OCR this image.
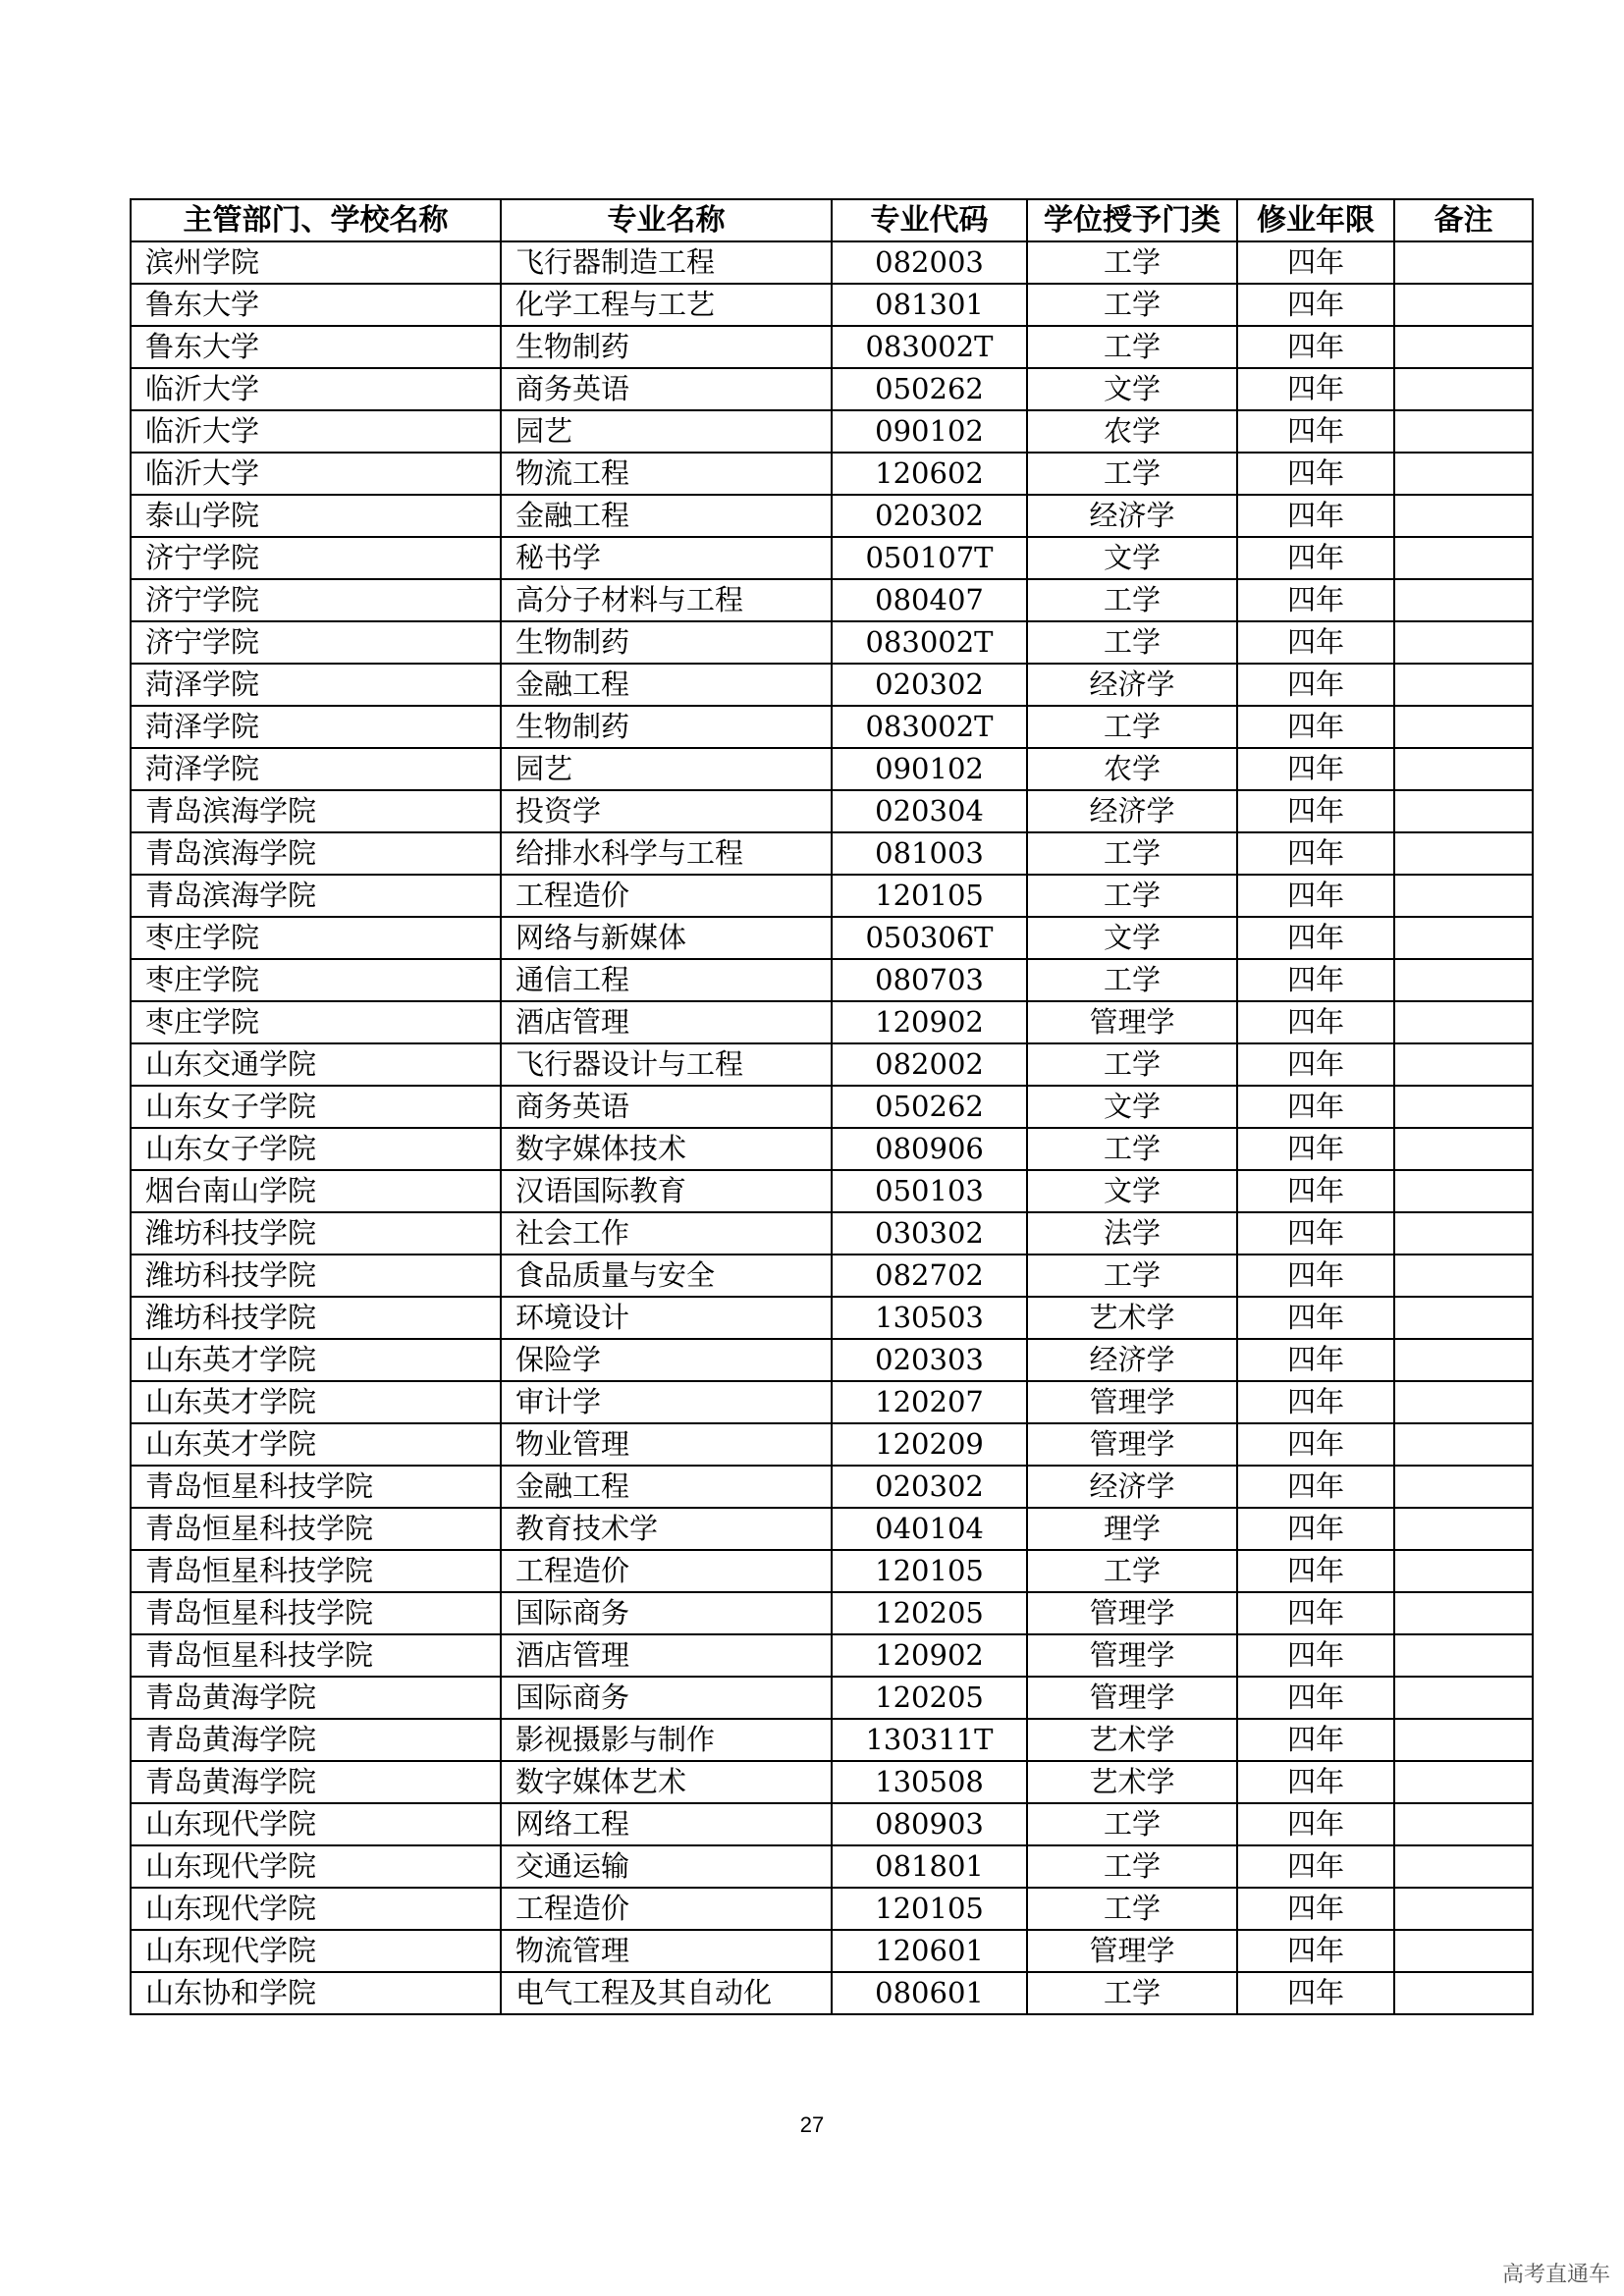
主管部门、学校名称	专业名称	专业代码	学位授予门类	修业年限	备注
滨州学院	飞行器制造工程	082003	工学	四年	
鲁东大学	化学工程与工艺	081301	工学	四年	
鲁东大学	生物制药	083002T	工学	四年	
临沂大学	商务英语	050262	文学	四年	
临沂大学	园艺	090102	农学	四年	
临沂大学	物流工程	120602	工学	四年	
泰山学院	金融工程	020302	经济学	四年	
济宁学院	秘书学	050107T	文学	四年	
济宁学院	高分子材料与工程	080407	工学	四年	
济宁学院	生物制药	083002T	工学	四年	
菏泽学院	金融工程	020302	经济学	四年	
菏泽学院	生物制药	083002T	工学	四年	
菏泽学院	园艺	090102	农学	四年	
青岛滨海学院	投资学	020304	经济学	四年	
青岛滨海学院	给排水科学与工程	081003	工学	四年	
青岛滨海学院	工程造价	120105	工学	四年	
枣庄学院	网络与新媒体	050306T	文学	四年	
枣庄学院	通信工程	080703	工学	四年	
枣庄学院	酒店管理	120902	管理学	四年	
山东交通学院	飞行器设计与工程	082002	工学	四年	
山东女子学院	商务英语	050262	文学	四年	
山东女子学院	数字媒体技术	080906	工学	四年	
烟台南山学院	汉语国际教育	050103	文学	四年	
潍坊科技学院	社会工作	030302	法学	四年	
潍坊科技学院	食品质量与安全	082702	工学	四年	
潍坊科技学院	环境设计	130503	艺术学	四年	
山东英才学院	保险学	020303	经济学	四年	
山东英才学院	审计学	120207	管理学	四年	
山东英才学院	物业管理	120209	管理学	四年	
青岛恒星科技学院	金融工程	020302	经济学	四年	
青岛恒星科技学院	教育技术学	040104	理学	四年	
青岛恒星科技学院	工程造价	120105	工学	四年	
青岛恒星科技学院	国际商务	120205	管理学	四年	
青岛恒星科技学院	酒店管理	120902	管理学	四年	
青岛黄海学院	国际商务	120205	管理学	四年	
青岛黄海学院	影视摄影与制作	130311T	艺术学	四年	
青岛黄海学院	数字媒体艺术	130508	艺术学	四年	
山东现代学院	网络工程	080903	工学	四年	
山东现代学院	交通运输	081801	工学	四年	
山东现代学院	工程造价	120105	工学	四年	
山东现代学院	物流管理	120601	管理学	四年	
山东协和学院	电气工程及其自动化	080601	工学	四年	
27
高考直通车
